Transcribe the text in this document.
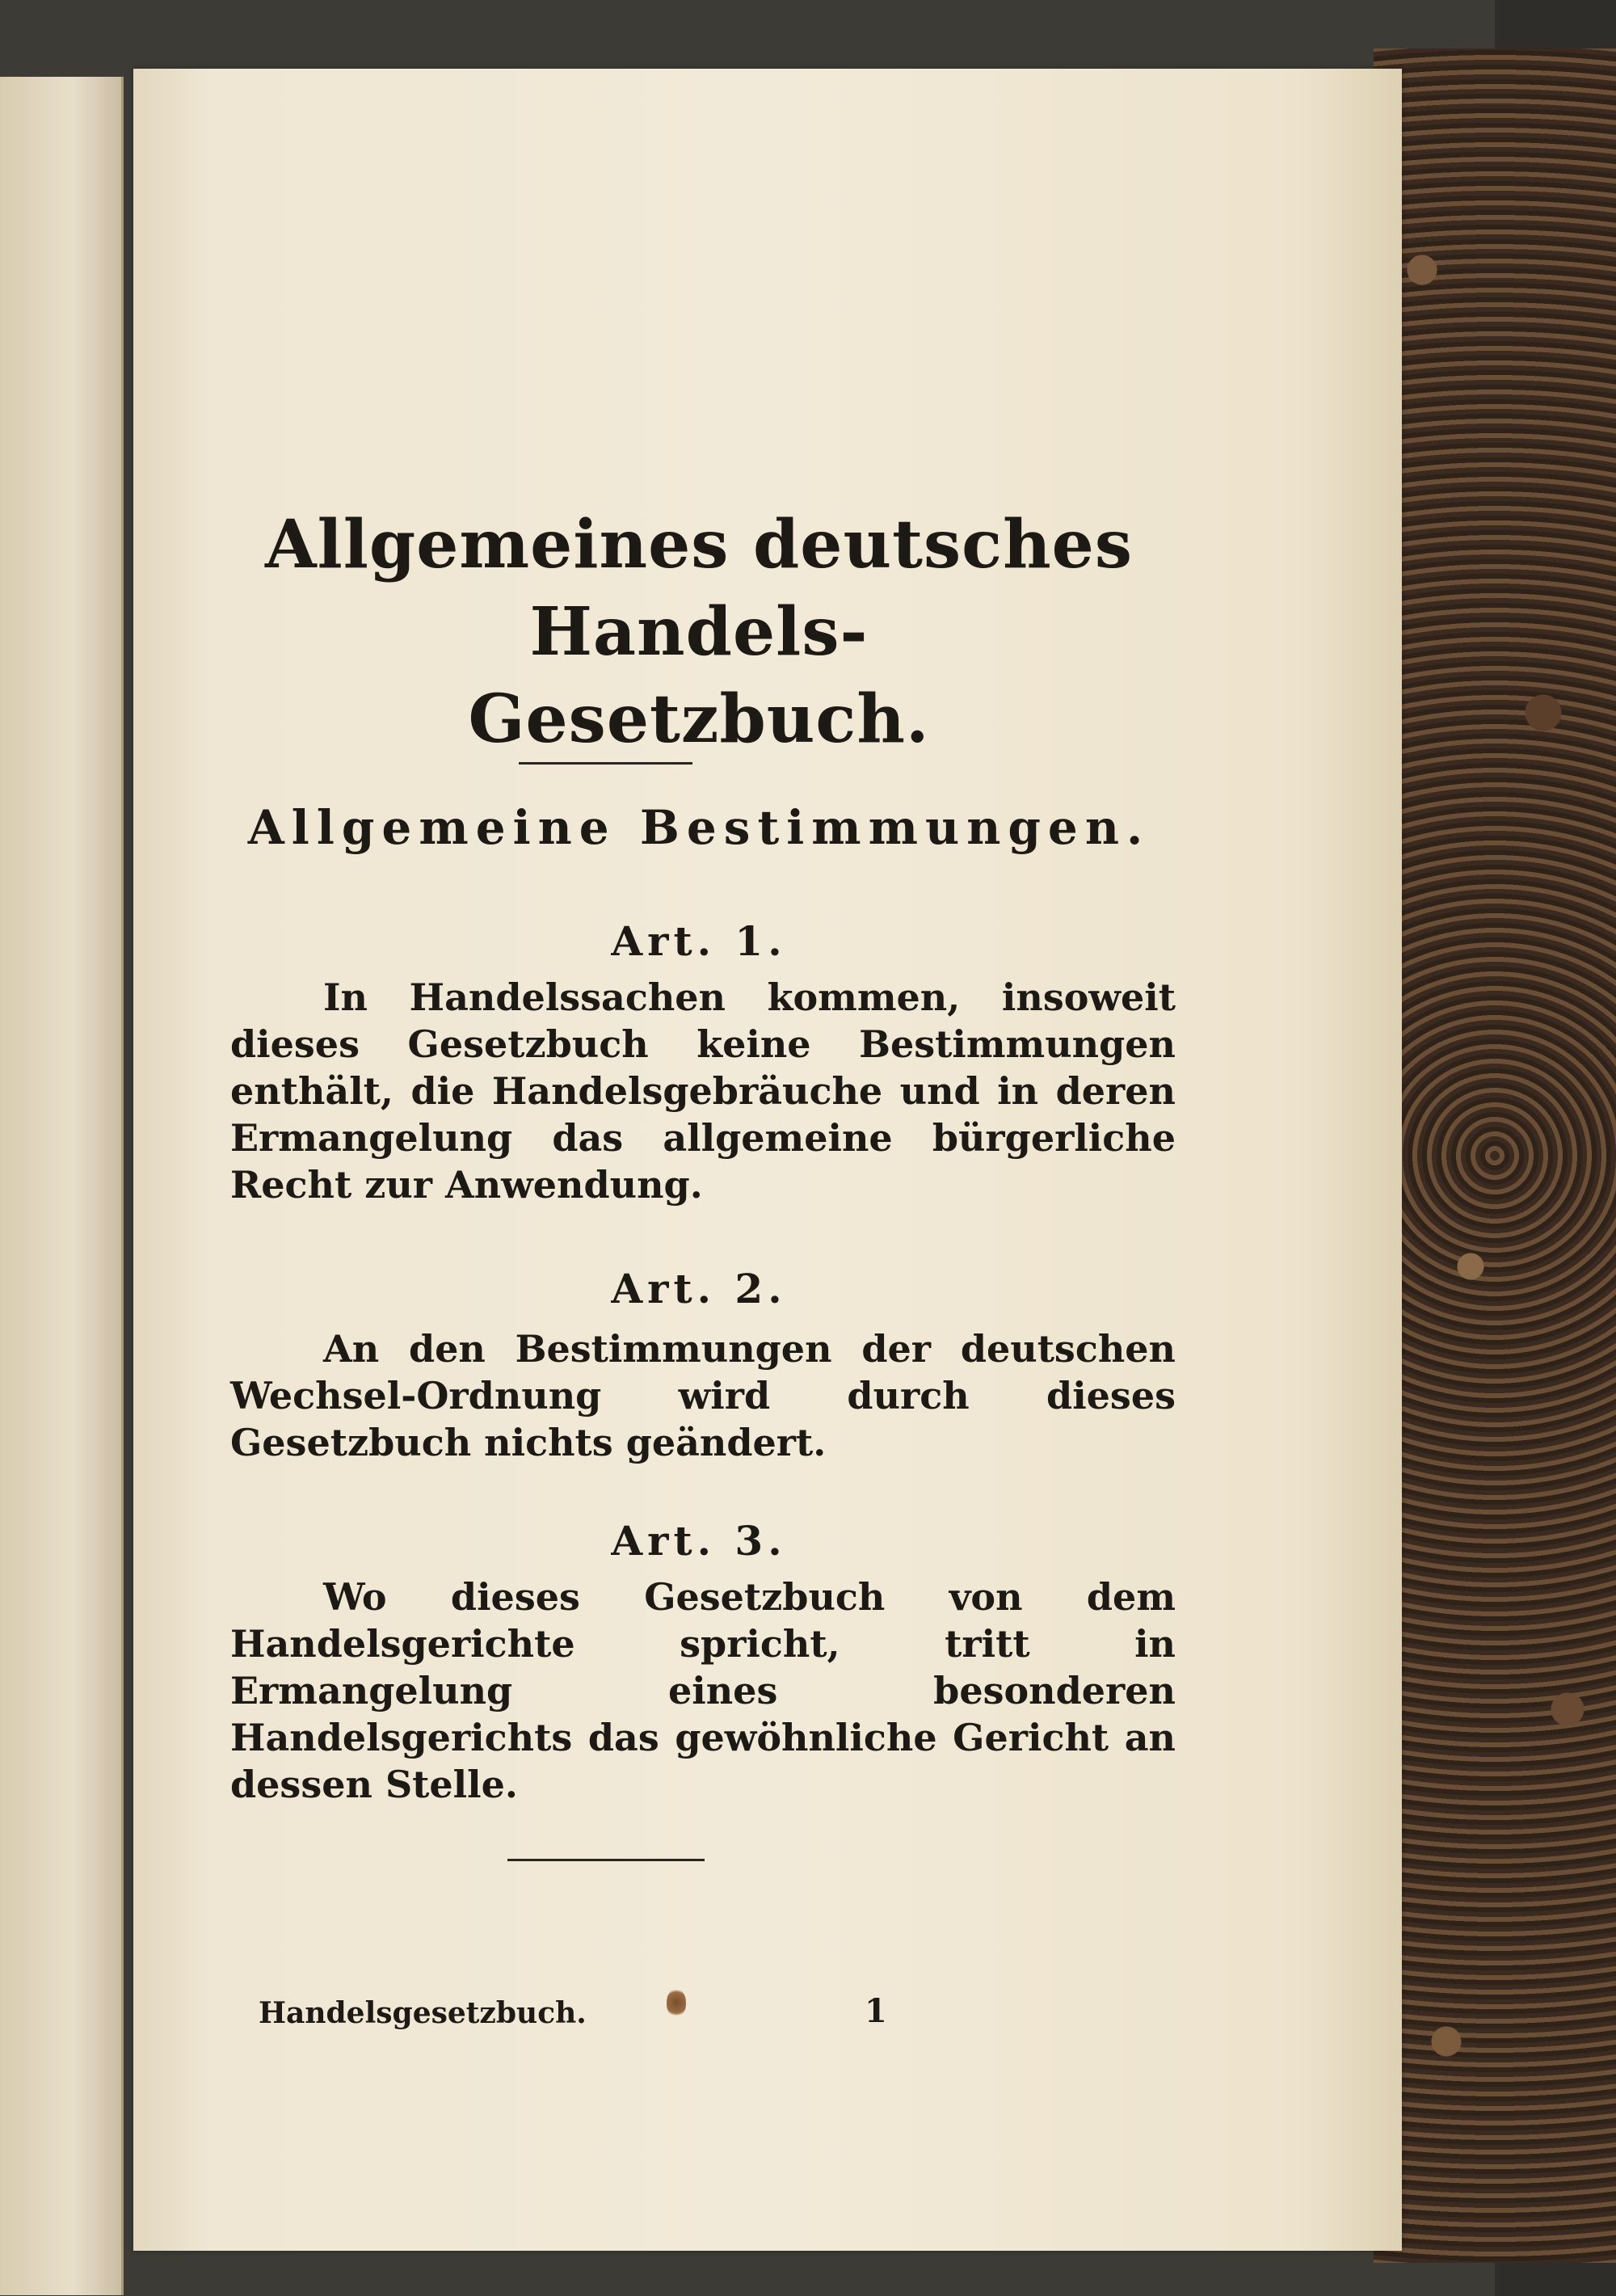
Allgemeines deutsches Handels-
Gesetzbuch.
Allgemeine Bestimmungen.
Art. 1.
Art. 2.
Art. 3.
In Handelssachen kommen, insoweit dieses Gesetzbuch keine Bestimmungen enthält, die Handelsgebräuche und in deren Ermangelung das allgemeine bürgerliche Recht zur Anwendung.
An den Bestimmungen der deutschen Wechsel-Ordnung wird durch dieses Gesetzbuch nichts geändert.
Wo dieses Gesetzbuch von dem Handelsgerichte spricht, tritt in Ermangelung eines besonderen Handelsgerichts das gewöhnliche Gericht an dessen Stelle.
Handelsgesetzbuch.	1
